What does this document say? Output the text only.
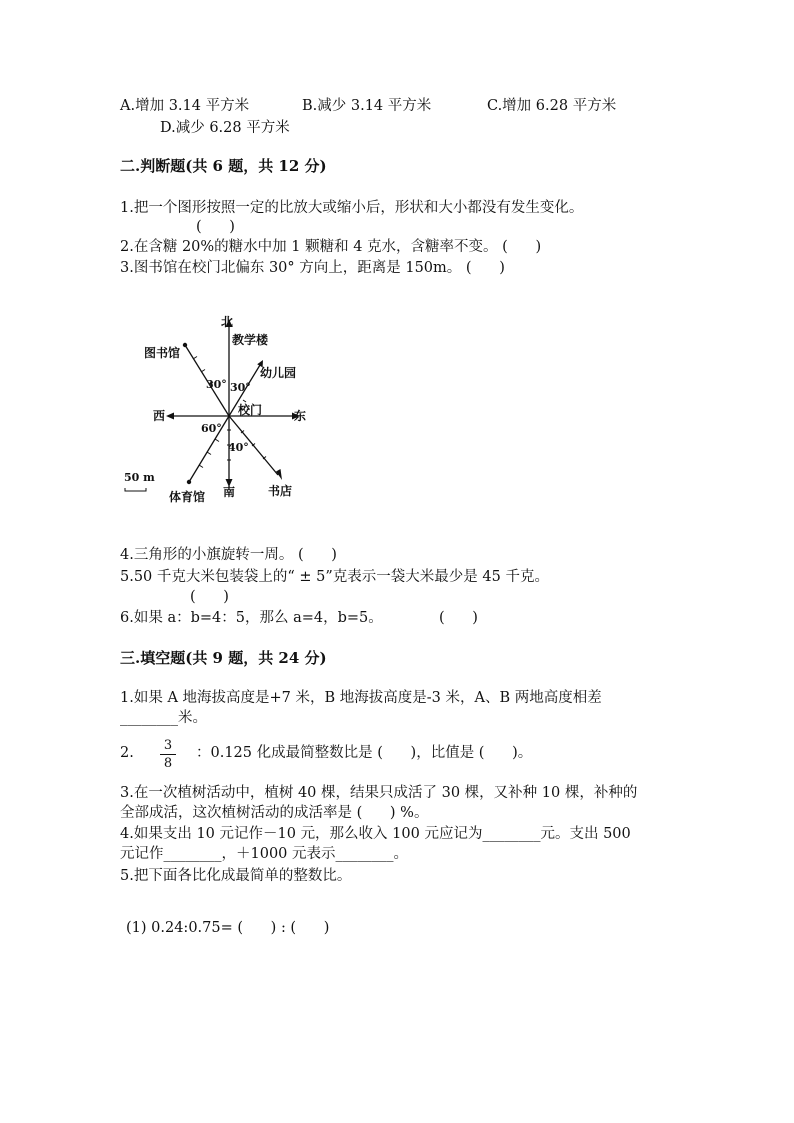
A.增加 3.14 平方米	B.减少 3.14 平方米	C.增加 6.28 平方米
D.减少 6.28 平方米
二.判断题(共 6 题，共 12 分)
1.把一个图形按照一定的比放大或缩小后，形状和大小都没有发生变化。
(      )
2.在含糖 20%的糖水中加 1 颗糖和 4 克水，含糖率不变。 (      )
3.图书馆在校门北偏东 30° 方向上，距离是 150m。 (      )
北
教学楼
图书馆
幼儿园
30° 30°
校门
西	东
60°
40°
50 m
南
体育馆	书店
4.三角形的小旗旋转一周。 (      )
5.50 千克大米包装袋上的“ ± 5”克表示一袋大米最少是 45 千克。
(      )
6.如果 a：b=4：5，那么 a=4，b=5。	(      )
三.填空题(共 9 题，共 24 分)
1.如果 A 地海拔高度是+7 米，B 地海拔高度是-3 米，A、B 两地高度相差
________米。
2.	3
8
：0.125 化成最简整数比是 (      )，比值是 (      )。
3.在一次植树活动中，植树 40 棵，结果只成活了 30 棵，又补种 10 棵，补种的
全部成活，这次植树活动的成活率是 (      ) %。
4.如果支出 10 元记作－10 元，那么收入 100 元应记为________元。支出 500
元记作________，＋1000 元表示________。
5.把下面各比化成最简单的整数比。
(1) 0.24:0.75= (      ) : (      )
